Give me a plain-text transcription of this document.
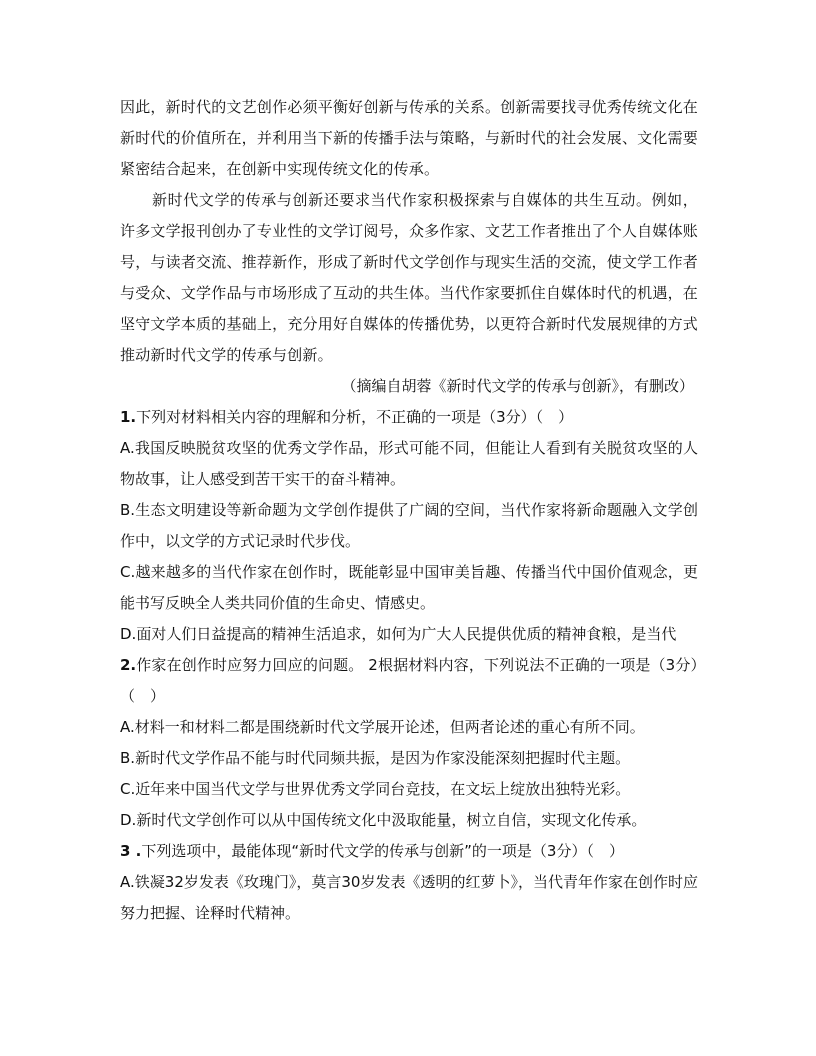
因此，新时代的文艺创作必须平衡好创新与传承的关系。创新需要找寻优秀传统文化在新时代的价值所在，并利用当下新的传播手法与策略，与新时代的社会发展、文化需要紧密结合起来，在创新中实现传统文化的传承。

新时代文学的传承与创新还要求当代作家积极探索与自媒体的共生互动。例如，许多文学报刊创办了专业性的文学订阅号，众多作家、文艺工作者推出了个人自媒体账号，与读者交流、推荐新作，形成了新时代文学创作与现实生活的交流，使文学工作者与受众、文学作品与市场形成了互动的共生体。当代作家要抓住自媒体时代的机遇，在坚守文学本质的基础上，充分用好自媒体的传播优势，以更符合新时代发展规律的方式推动新时代文学的传承与创新。

（摘编自胡蓉《新时代文学的传承与创新》，有删改）

1.下列对材料相关内容的理解和分析，不正确的一项是（3分）（　）

A.我国反映脱贫攻坚的优秀文学作品，形式可能不同，但能让人看到有关脱贫攻坚的人物故事，让人感受到苦干实干的奋斗精神。

B.生态文明建设等新命题为文学创作提供了广阔的空间，当代作家将新命题融入文学创作中，以文学的方式记录时代步伐。

C.越来越多的当代作家在创作时，既能彰显中国审美旨趣、传播当代中国价值观念，更能书写反映全人类共同价值的生命史、情感史。

D.面对人们日益提高的精神生活追求，如何为广大人民提供优质的精神食粮，是当代

2.作家在创作时应努力回应的问题。 2根据材料内容，下列说法不正确的一项是（3分）（　）

A.材料一和材料二都是围绕新时代文学展开论述，但两者论述的重心有所不同。

B.新时代文学作品不能与时代同频共振，是因为作家没能深刻把握时代主题。

C.近年来中国当代文学与世界优秀文学同台竞技，在文坛上绽放出独特光彩。

D.新时代文学创作可以从中国传统文化中汲取能量，树立自信，实现文化传承。

3 .下列选项中，最能体现“新时代文学的传承与创新”的一项是（3分）（　）

A.铁凝32岁发表《玫瑰门》，莫言30岁发表《透明的红萝卜》，当代青年作家在创作时应努力把握、诠释时代精神。
